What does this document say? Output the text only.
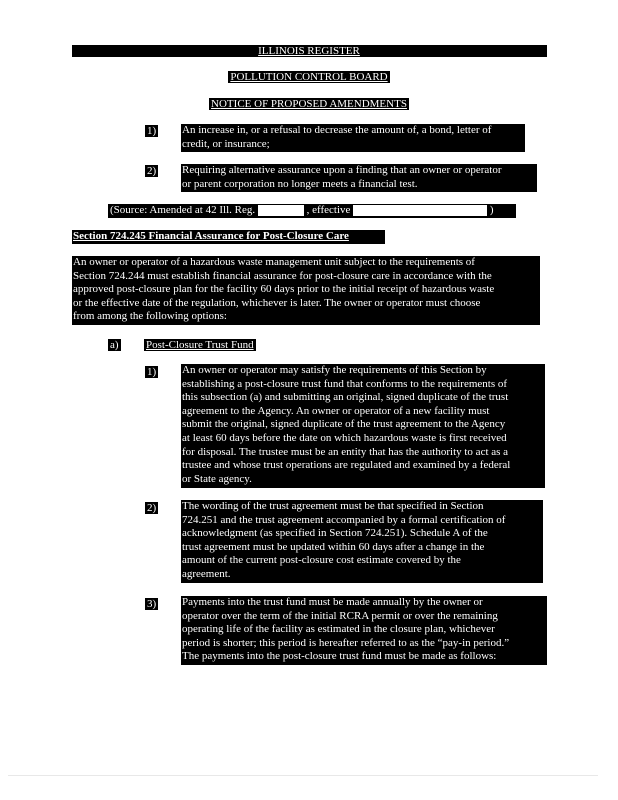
ILLINOIS REGISTER
POLLUTION CONTROL BOARD
NOTICE OF PROPOSED AMENDMENTS
1) An increase in, or a refusal to decrease the amount of, a bond, letter of
credit, or insurance;
2) Requiring alternative assurance upon a finding that an owner or operator
or parent corporation no longer meets a financial test.
(Source: Amended at 42 Ill. Reg.	, effective	)
Section 724.245 Financial Assurance for Post-Closure Care
An owner or operator of a hazardous waste management unit subject to the requirements of
Section 724.244 must establish financial assurance for post-closure care in accordance with the
approved post-closure plan for the facility 60 days prior to the initial receipt of hazardous waste
or the effective date of the regulation, whichever is later. The owner or operator must choose
from among the following options:
a) Post-Closure Trust Fund
1) An owner or operator may satisfy the requirements of this Section by
establishing a post-closure trust fund that conforms to the requirements of
this subsection (a) and submitting an original, signed duplicate of the trust
agreement to the Agency. An owner or operator of a new facility must
submit the original, signed duplicate of the trust agreement to the Agency
at least 60 days before the date on which hazardous waste is first received
for disposal. The trustee must be an entity that has the authority to act as a
trustee and whose trust operations are regulated and examined by a federal
or State agency.
2) The wording of the trust agreement must be that specified in Section
724.251 and the trust agreement accompanied by a formal certification of
acknowledgment (as specified in Section 724.251). Schedule A of the
trust agreement must be updated within 60 days after a change in the
amount of the current post-closure cost estimate covered by the
agreement.
3) Payments into the trust fund must be made annually by the owner or
operator over the term of the initial RCRA permit or over the remaining
operating life of the facility as estimated in the closure plan, whichever
period is shorter; this period is hereafter referred to as the “pay-in period.”
The payments into the post-closure trust fund must be made as follows:
